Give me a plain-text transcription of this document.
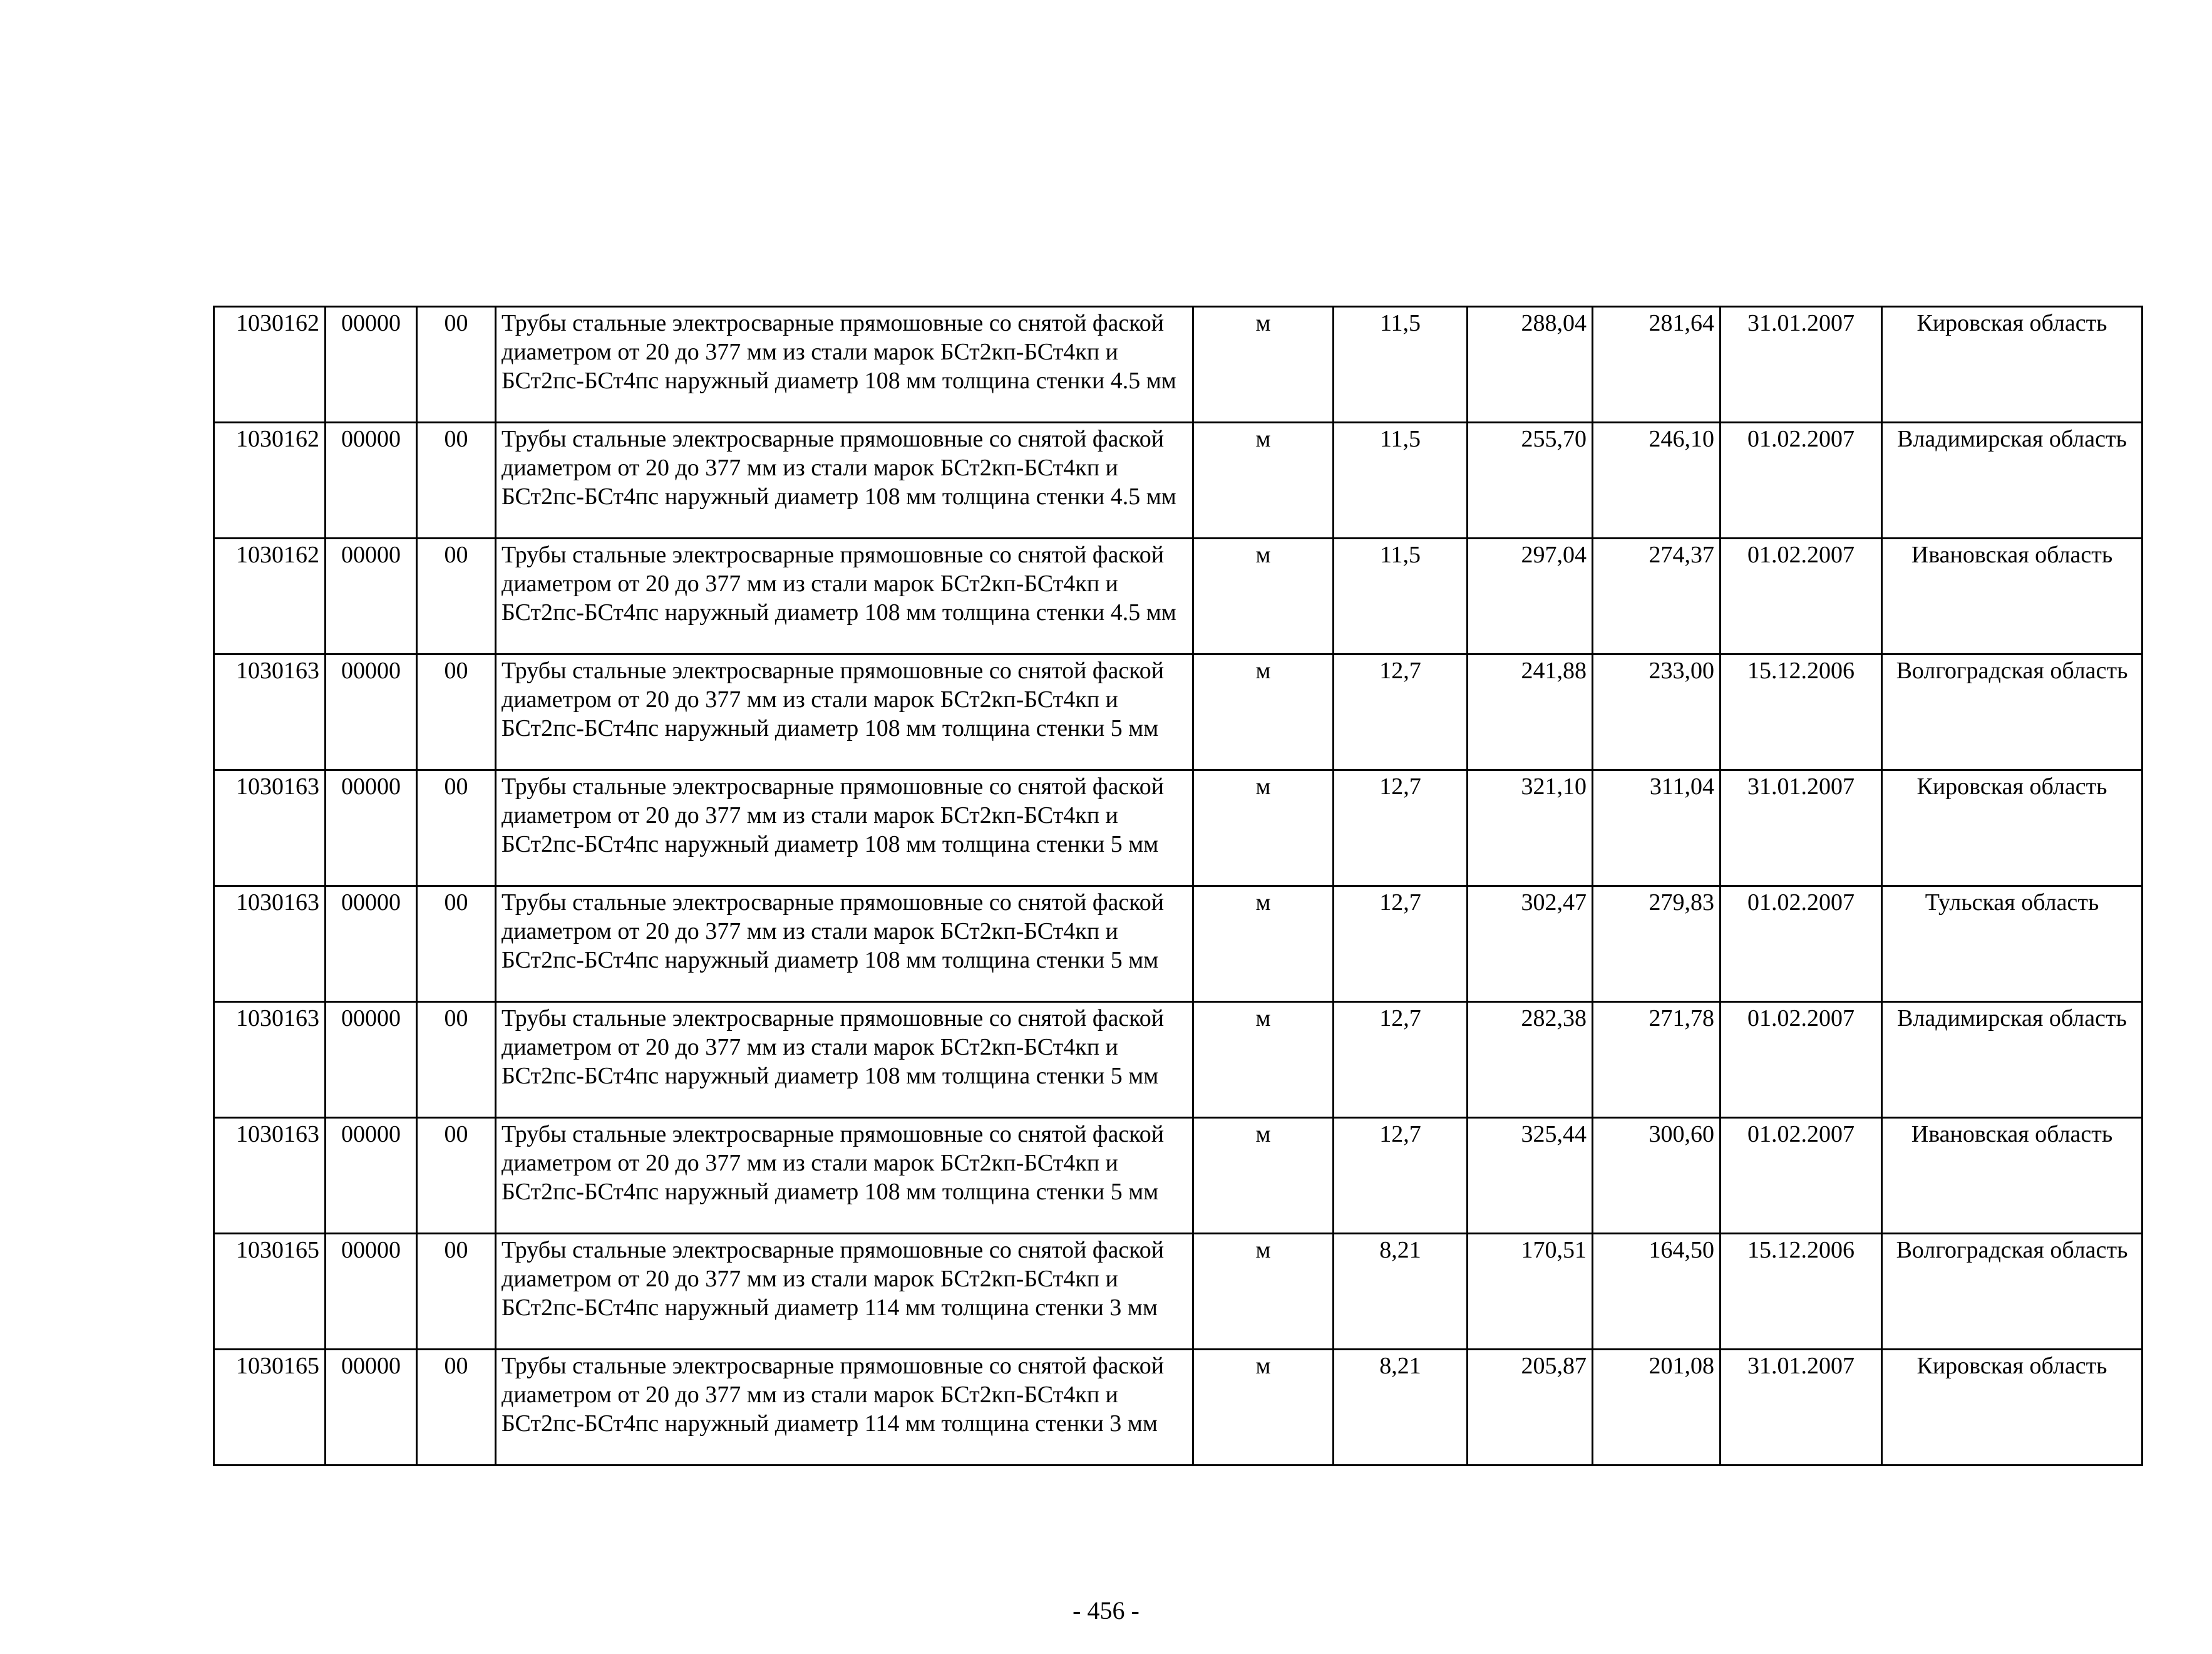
1030162	00000	00	Трубы стальные электросварные прямошовные со снятой фаской диаметром от 20 до 377 мм из стали марок БСт2кп-БСт4кп и БСт2пс-БСт4пс наружный диаметр 108 мм толщина стенки 4.5 мм	м	11,5	288,04	281,64	31.01.2007	Кировская область
1030162	00000	00	Трубы стальные электросварные прямошовные со снятой фаской диаметром от 20 до 377 мм из стали марок БСт2кп-БСт4кп и БСт2пс-БСт4пс наружный диаметр 108 мм толщина стенки 4.5 мм	м	11,5	255,70	246,10	01.02.2007	Владимирская область
1030162	00000	00	Трубы стальные электросварные прямошовные со снятой фаской диаметром от 20 до 377 мм из стали марок БСт2кп-БСт4кп и БСт2пс-БСт4пс наружный диаметр 108 мм толщина стенки 4.5 мм	м	11,5	297,04	274,37	01.02.2007	Ивановская область
1030163	00000	00	Трубы стальные электросварные прямошовные со снятой фаской диаметром от 20 до 377 мм из стали марок БСт2кп-БСт4кп и БСт2пс-БСт4пс наружный диаметр 108 мм толщина стенки 5 мм	м	12,7	241,88	233,00	15.12.2006	Волгоградская область
1030163	00000	00	Трубы стальные электросварные прямошовные со снятой фаской диаметром от 20 до 377 мм из стали марок БСт2кп-БСт4кп и БСт2пс-БСт4пс наружный диаметр 108 мм толщина стенки 5 мм	м	12,7	321,10	311,04	31.01.2007	Кировская область
1030163	00000	00	Трубы стальные электросварные прямошовные со снятой фаской диаметром от 20 до 377 мм из стали марок БСт2кп-БСт4кп и БСт2пс-БСт4пс наружный диаметр 108 мм толщина стенки 5 мм	м	12,7	302,47	279,83	01.02.2007	Тульская область
1030163	00000	00	Трубы стальные электросварные прямошовные со снятой фаской диаметром от 20 до 377 мм из стали марок БСт2кп-БСт4кп и БСт2пс-БСт4пс наружный диаметр 108 мм толщина стенки 5 мм	м	12,7	282,38	271,78	01.02.2007	Владимирская область
1030163	00000	00	Трубы стальные электросварные прямошовные со снятой фаской диаметром от 20 до 377 мм из стали марок БСт2кп-БСт4кп и БСт2пс-БСт4пс наружный диаметр 108 мм толщина стенки 5 мм	м	12,7	325,44	300,60	01.02.2007	Ивановская область
1030165	00000	00	Трубы стальные электросварные прямошовные со снятой фаской диаметром от 20 до 377 мм из стали марок БСт2кп-БСт4кп и БСт2пс-БСт4пс наружный диаметр 114 мм толщина стенки 3 мм	м	8,21	170,51	164,50	15.12.2006	Волгоградская область
1030165	00000	00	Трубы стальные электросварные прямошовные со снятой фаской диаметром от 20 до 377 мм из стали марок БСт2кп-БСт4кп и БСт2пс-БСт4пс наружный диаметр 114 мм толщина стенки 3 мм	м	8,21	205,87	201,08	31.01.2007	Кировская область
- 456 -
